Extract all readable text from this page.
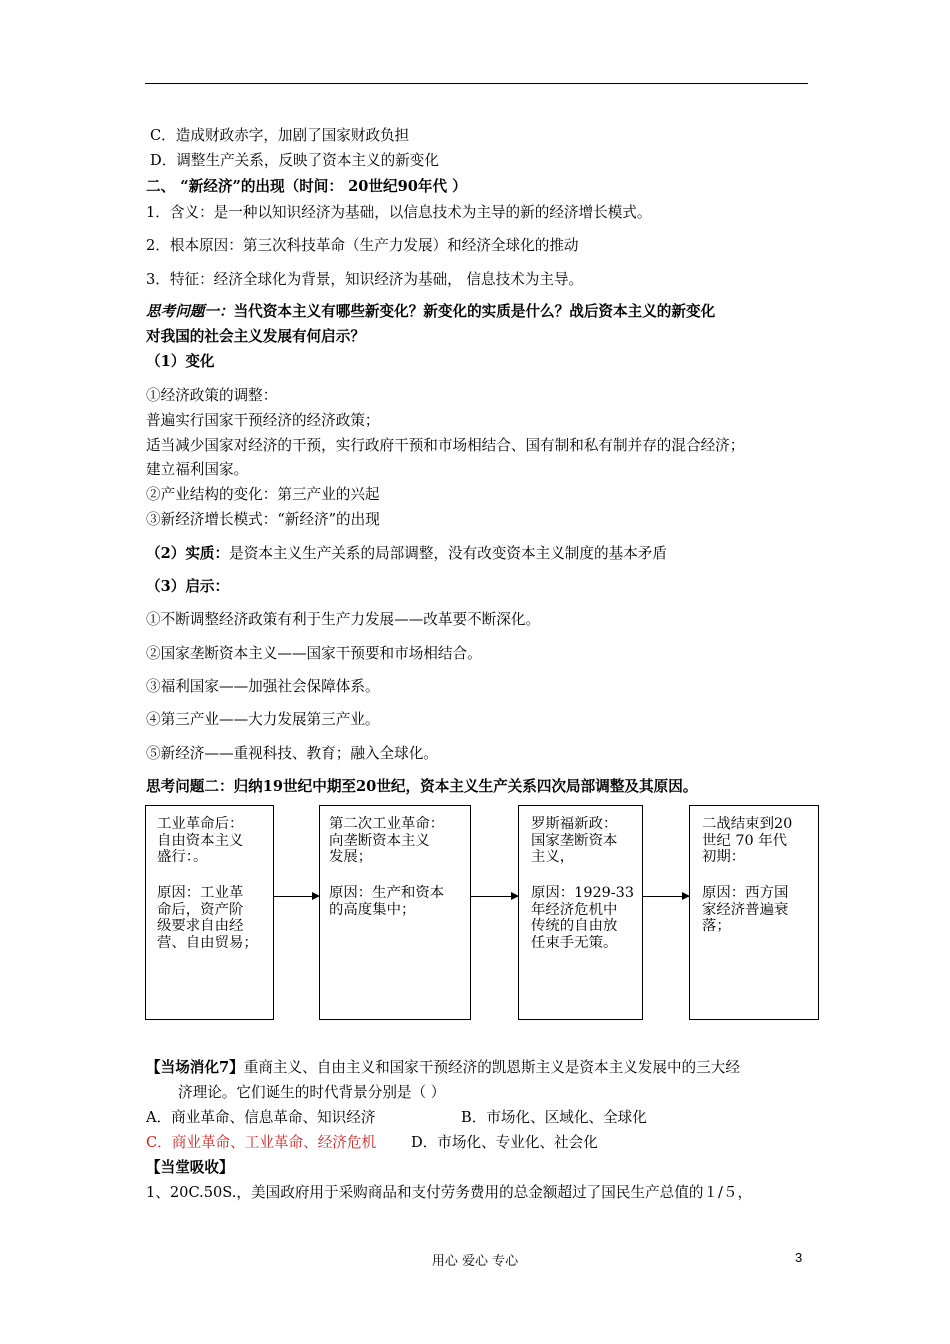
C．造成财政赤字，加剧了国家财政负担
D．调整生产关系，反映了资本主义的新变化
二、 “新经济”的出现（时间： 20世纪90年代 ）
1．含义：是一种以知识经济为基础，以信息技术为主导的新的经济增长模式。
2．根本原因：第三次科技革命（生产力发展）和经济全球化的推动
3．特征：经济全球化为背景，知识经济为基础， 信息技术为主导。
思考问题一：当代资本主义有哪些新变化？新变化的实质是什么？战后资本主义的新变化
对我国的社会主义发展有何启示？
（1）变化
①经济政策的调整：
普遍实行国家干预经济的经济政策；
适当减少国家对经济的干预，实行政府干预和市场相结合、国有制和私有制并存的混合经济；
建立福利国家。
②产业结构的变化：第三产业的兴起
③新经济增长模式：“新经济”的出现
（2）实质：是资本主义生产关系的局部调整，没有改变资本主义制度的基本矛盾
（3）启示：
①不断调整经济政策有利于生产力发展——改革要不断深化。
②国家垄断资本主义——国家干预要和市场相结合。
③福利国家——加强社会保障体系。
④第三产业——大力发展第三产业。
⑤新经济——重视科技、教育；融入全球化。
思考问题二：归纳19世纪中期至20世纪，资本主义生产关系四次局部调整及其原因。
工业革命后：
自由资本主义
盛行：。
原因：工业革
命后，资产阶
级要求自由经
营、自由贸易；
第二次工业革命：
向垄断资本主义
发展；
原因：生产和资本
的高度集中；
罗斯福新政：
国家垄断资本
主义，
原因：1929-33
年经济危机中
传统的自由放
任束手无策。
二战结束到20
世纪 70 年代
初期：
原因：西方国
家经济普遍衰
落；
【当场消化7】重商主义、自由主义和国家干预经济的凯恩斯主义是资本主义发展中的三大经
济理论。它们诞生的时代背景分别是（ ）
A．商业革命、信息革命、知识经济	B．市场化、区域化、全球化
C．商业革命、工业革命、经济危机 D．市场化、专业化、社会化
【当堂吸收】
1、20C.50S.，美国政府用于采购商品和支付劳务费用的总金额超过了国民生产总值的１/５，
用心 爱心 专心	3
